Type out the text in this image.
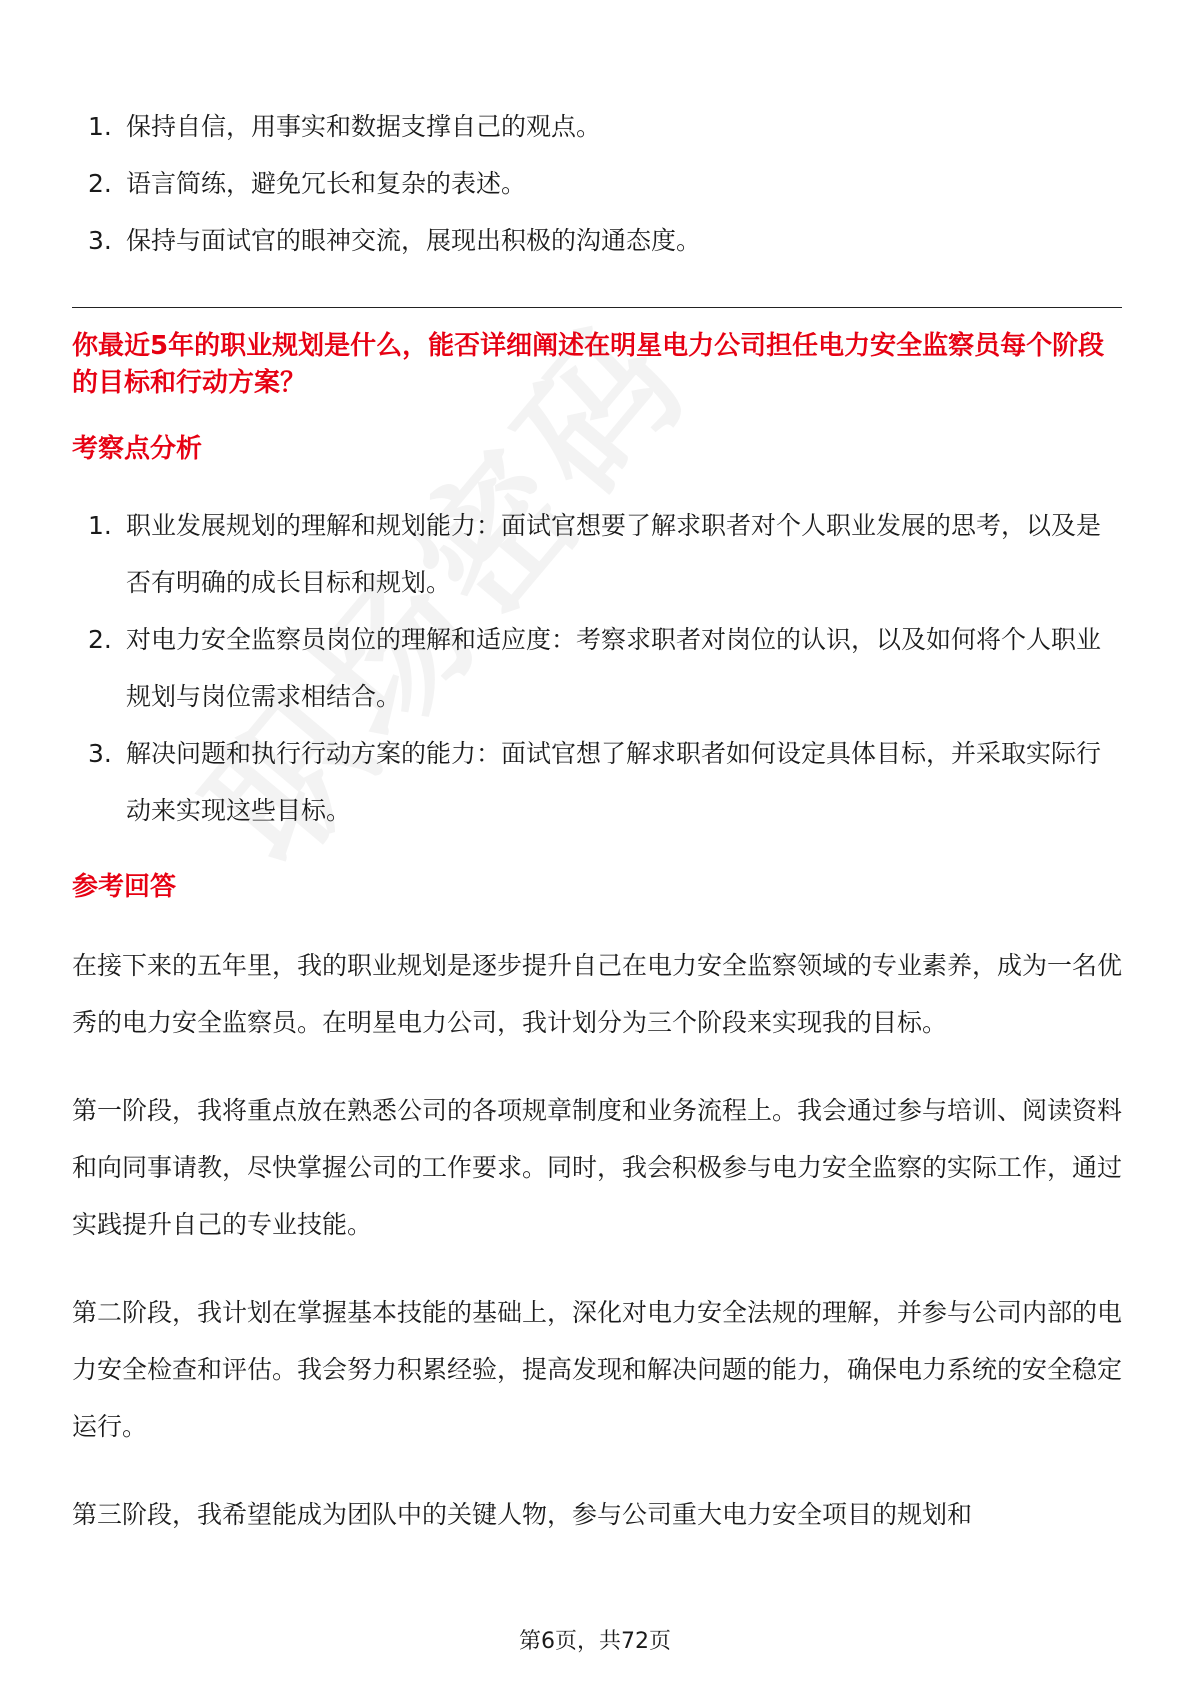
1. 保持自信，用事实和数据支撑自己的观点。
2. 语言简练，避免冗长和复杂的表述。
3. 保持与面试官的眼神交流，展现出积极的沟通态度。
你最近5年的职业规划是什么，能否详细阐述在明星电力公司担任电力安全监察员每个阶段的目标和行动方案？
考察点分析
1. 职业发展规划的理解和规划能力：面试官想要了解求职者对个人职业发展的思考，以及是否有明确的成长目标和规划。
2. 对电力安全监察员岗位的理解和适应度：考察求职者对岗位的认识，以及如何将个人职业规划与岗位需求相结合。
3. 解决问题和执行行动方案的能力：面试官想了解求职者如何设定具体目标，并采取实际行动来实现这些目标。
参考回答

在接下来的五年里，我的职业规划是逐步提升自己在电力安全监察领域的专业素养，成为一名优秀的电力安全监察员。在明星电力公司，我计划分为三个阶段来实现我的目标。

第一阶段，我将重点放在熟悉公司的各项规章制度和业务流程上。我会通过参与培训、阅读资料和向同事请教，尽快掌握公司的工作要求。同时，我会积极参与电力安全监察的实际工作，通过实践提升自己的专业技能。

第二阶段，我计划在掌握基本技能的基础上，深化对电力安全法规的理解，并参与公司内部的电力安全检查和评估。我会努力积累经验，提高发现和解决问题的能力，确保电力系统的安全稳定运行。

第三阶段，我希望能成为团队中的关键人物，参与公司重大电力安全项目的规划和

第6页，共72页
